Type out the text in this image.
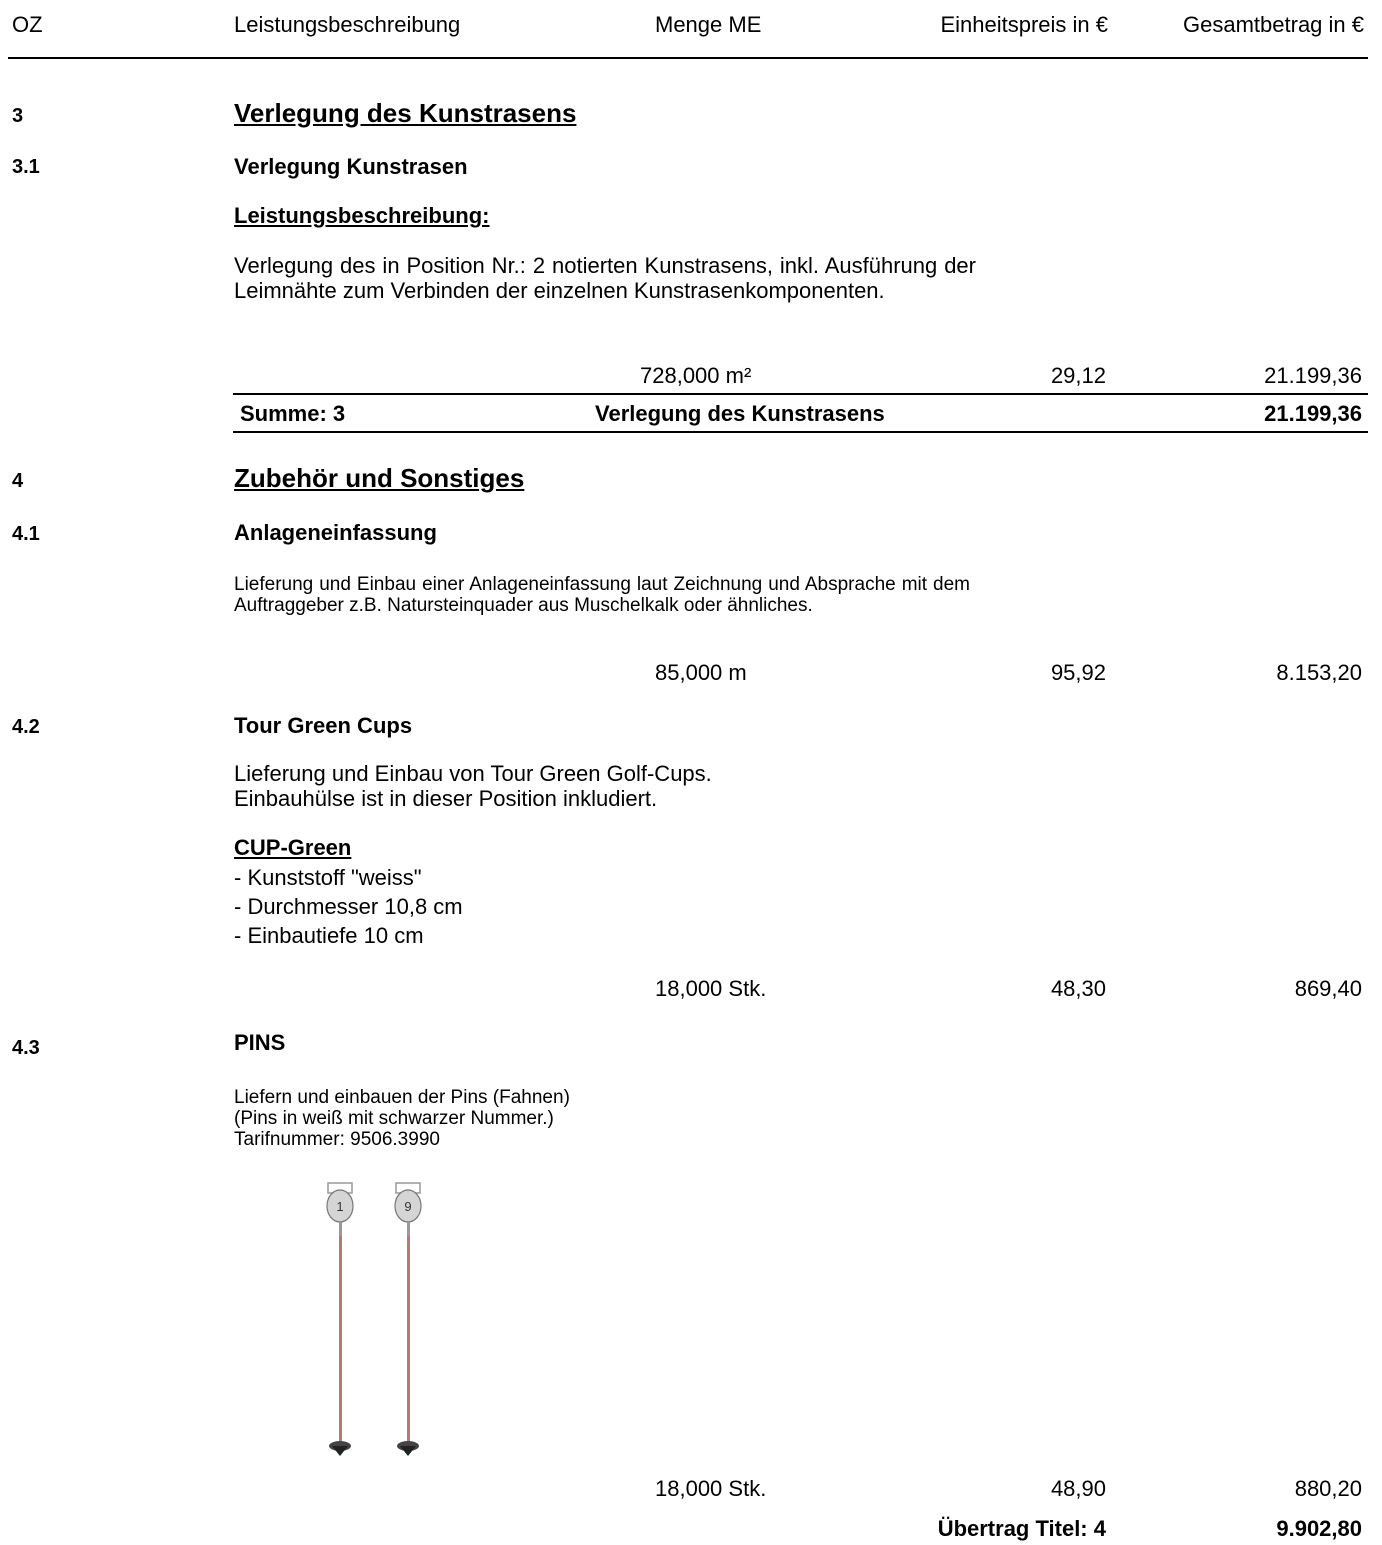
OZ	Leistungsbeschreibung	Menge ME	Einheitspreis in €	Gesamtbetrag in €
3	Verlegung des Kunstrasens
3.1	Verlegung Kunstrasen
Leistungsbeschreibung:
Verlegung des in Position Nr.: 2 notierten Kunstrasens, inkl. Ausführung der Leimnähte zum Verbinden der einzelnen Kunstrasenkomponenten.
728,000 m²	29,12	21.199,36
Summe: 3	Verlegung des Kunstrasens	21.199,36
4	Zubehör und Sonstiges
4.1	Anlageneinfassung
Lieferung und Einbau einer Anlageneinfassung laut Zeichnung und Absprache mit dem Auftraggeber z.B. Natursteinquader aus Muschelkalk oder ähnliches.
85,000 m	95,92	8.153,20
4.2	Tour Green Cups
Lieferung und Einbau von Tour Green Golf-Cups.
Einbauhülse ist in dieser Position inkludiert.
CUP-Green
- Kunststoff "weiss"
- Durchmesser 10,8 cm
- Einbautiefe 10 cm
18,000 Stk.	48,30	869,40
4.3	PINS
Liefern und einbauen der Pins (Fahnen)
(Pins in weiß mit schwarzer Nummer.)
Tarifnummer: 9506.3990
1	9
18,000 Stk.	48,90	880,20
Übertrag Titel: 4	9.902,80
